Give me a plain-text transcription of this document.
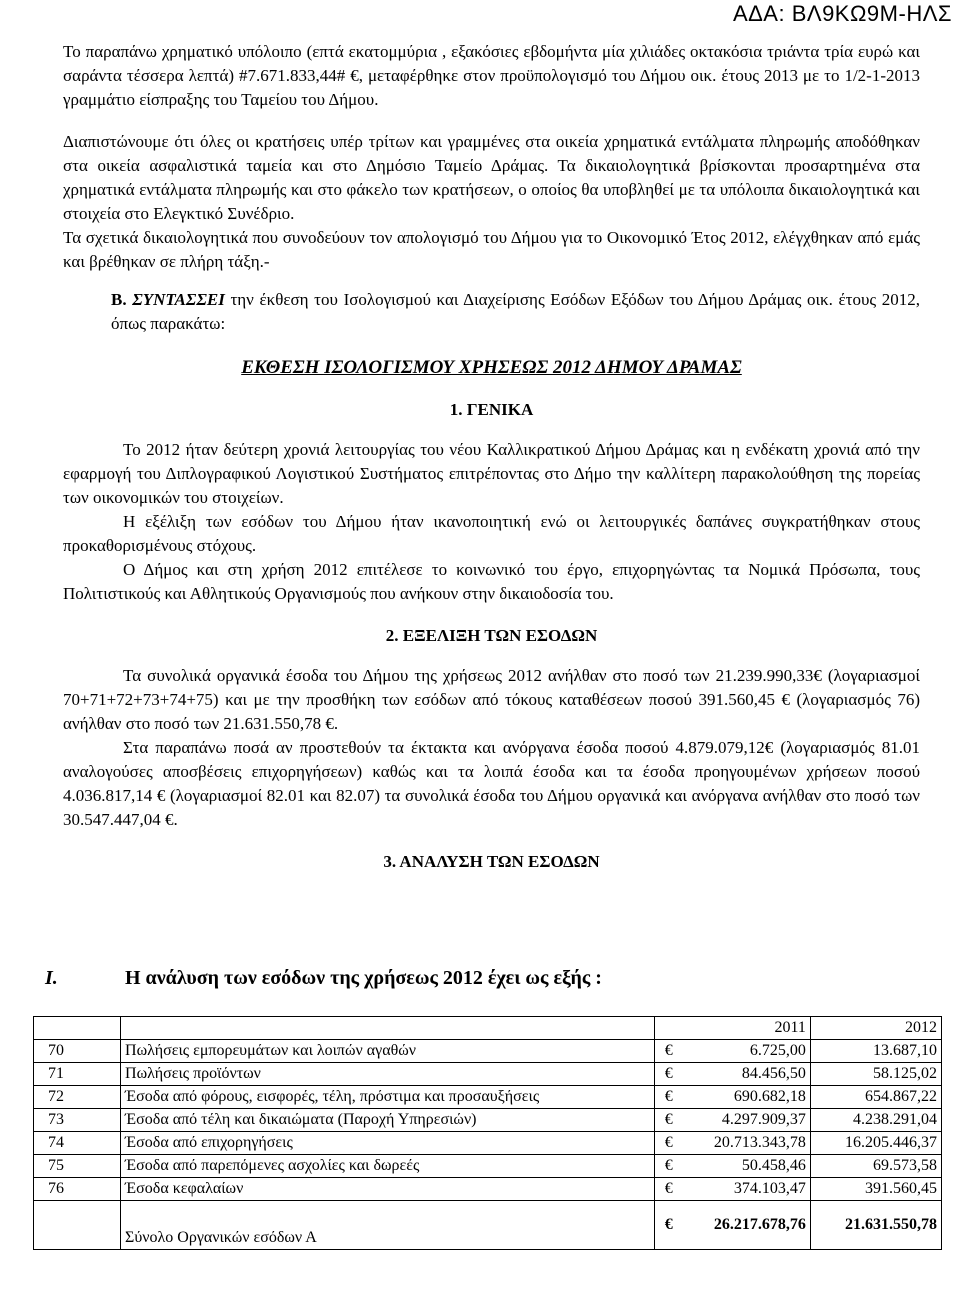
ΑΔΑ: ΒΛ9ΚΩ9Μ-ΗΛΣ

Το παραπάνω χρηματικό υπόλοιπο (επτά εκατομμύρια , εξακόσιες εβδομήντα μία χιλιάδες οκτακόσια τριάντα τρία ευρώ και σαράντα τέσσερα λεπτά) #7.671.833,44# €, μεταφέρθηκε στον προϋπολογισμό του Δήμου οικ. έτους 2013 με το 1/2-1-2013 γραμμάτιο είσπραξης του Ταμείου του Δήμου.

Διαπιστώνουμε ότι όλες οι κρατήσεις υπέρ τρίτων και γραμμένες στα οικεία χρηματικά εντάλματα πληρωμής αποδόθηκαν στα οικεία ασφαλιστικά ταμεία και στο Δημόσιο Ταμείο Δράμας. Τα δικαιολογητικά βρίσκονται προσαρτημένα στα χρηματικά εντάλματα πληρωμής και στο φάκελο των κρατήσεων, ο οποίος θα υποβληθεί με τα υπόλοιπα δικαιολογητικά και στοιχεία στο Ελεγκτικό Συνέδριο.

Τα σχετικά δικαιολογητικά που συνοδεύουν τον απολογισμό του Δήμου για το Οικονομικό Έτος 2012, ελέγχθηκαν από εμάς και βρέθηκαν σε πλήρη τάξη.-

Β. ΣΥΝΤΑΣΣΕΙ την έκθεση του Ισολογισμού και Διαχείρισης Εσόδων Εξόδων του Δήμου Δράμας οικ. έτους 2012, όπως παρακάτω:

ΕΚΘΕΣΗ ΙΣΟΛΟΓΙΣΜΟΥ ΧΡΗΣΕΩΣ 2012 ΔΗΜΟΥ ΔΡΑΜΑΣ

1. ΓΕΝΙΚΑ

Το 2012 ήταν δεύτερη χρονιά λειτουργίας του νέου Καλλικρατικού Δήμου Δράμας και η ενδέκατη χρονιά από την εφαρμογή του Διπλογραφικού Λογιστικού Συστήματος επιτρέποντας στο Δήμο την καλλίτερη παρακολούθηση της πορείας των οικονομικών του στοιχείων.

Η εξέλιξη των εσόδων του Δήμου ήταν ικανοποιητική ενώ οι λειτουργικές δαπάνες συγκρατήθηκαν στους προκαθορισμένους στόχους.

Ο Δήμος και στη χρήση 2012 επιτέλεσε το κοινωνικό του έργο, επιχορηγώντας τα Νομικά Πρόσωπα, τους Πολιτιστικούς και Αθλητικούς Οργανισμούς που ανήκουν στην δικαιοδοσία του.

2. ΕΞΕΛΙΞΗ ΤΩΝ ΕΣΟΔΩΝ

Τα συνολικά οργανικά έσοδα του Δήμου της χρήσεως 2012 ανήλθαν στο ποσό των 21.239.990,33€ (λογαριασμοί 70+71+72+73+74+75) και με την προσθήκη των εσόδων από τόκους καταθέσεων ποσού 391.560,45 € (λογαριασμός 76) ανήλθαν στο ποσό των 21.631.550,78 €.

Στα παραπάνω ποσά αν προστεθούν τα έκτακτα και ανόργανα έσοδα ποσού 4.879.079,12€ (λογαριασμός 81.01 αναλογούσες αποσβέσεις επιχορηγήσεων) καθώς και τα λοιπά έσοδα και τα έσοδα προηγουμένων χρήσεων ποσού 4.036.817,14 € (λογαριασμοί 82.01 και 82.07) τα συνολικά έσοδα του Δήμου οργανικά και ανόργανα ανήλθαν στο ποσό των 30.547.447,04 €.

3. ΑΝΑΛΥΣΗ ΤΩΝ ΕΣΟΔΩΝ

Ι.	Η ανάλυση των εσόδων της χρήσεως 2012 έχει ως εξής :
			2011	2012
70	Πωλήσεις εμπορευμάτων και λοιπών αγαθών	€	6.725,00	13.687,10
71	Πωλήσεις προϊόντων	€	84.456,50	58.125,02
72	Έσοδα από φόρους, εισφορές, τέλη, πρόστιμα και προσαυξήσεις	€	690.682,18	654.867,22
73	Έσοδα από τέλη και δικαιώματα (Παροχή Υπηρεσιών)	€	4.297.909,37	4.238.291,04
74	Έσοδα από επιχορηγήσεις	€	20.713.343,78	16.205.446,37
75	Έσοδα από παρεπόμενες ασχολίες και δωρεές	€	50.458,46	69.573,58
76	Έσοδα κεφαλαίων	€	374.103,47	391.560,45
	Σύνολο Οργανικών εσόδων Α	€	26.217.678,76	21.631.550,78
